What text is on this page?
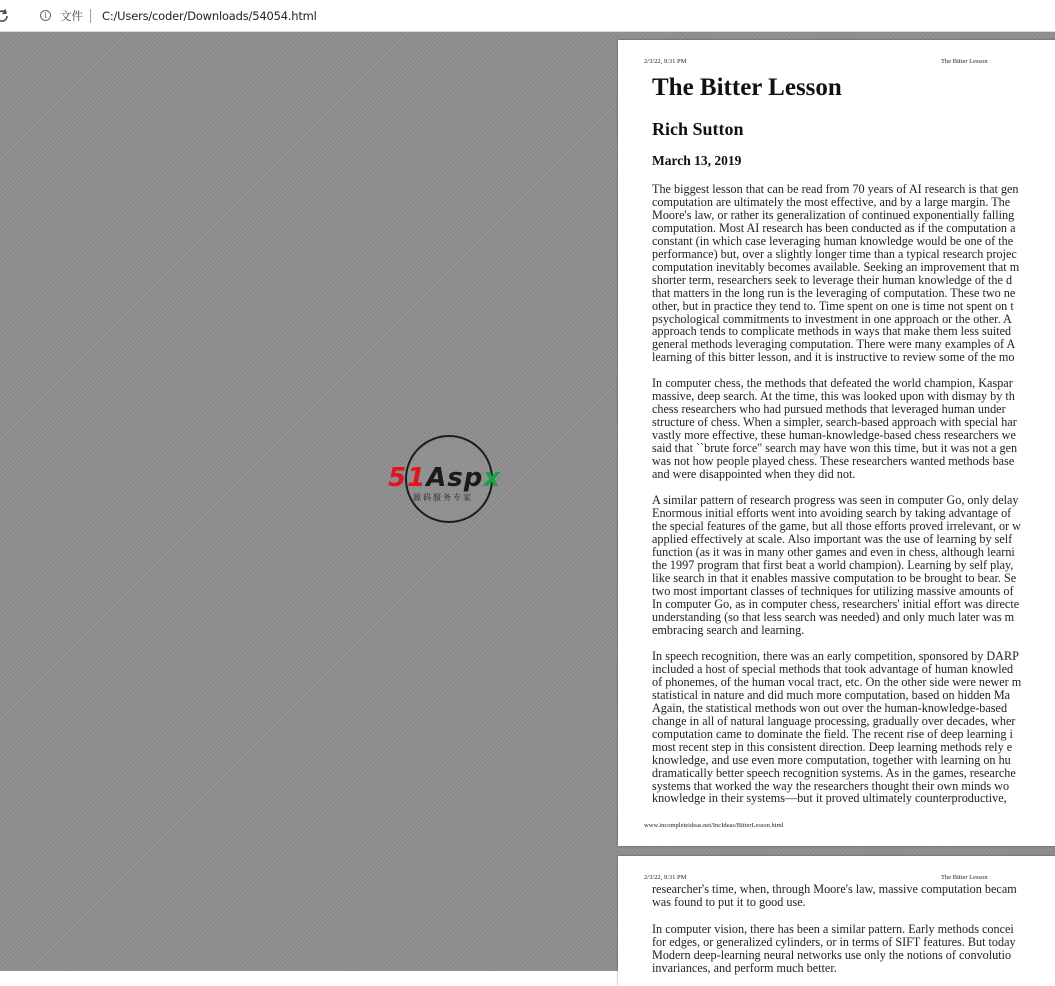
i	文件 C:/Users/coder/Downloads/54054.html
51Aspx
源码服务专家
2/3/22, 9:31 PM	The Bitter Lesson
The Bitter Lesson
Rich Sutton
March 13, 2019
The biggest lesson that can be read from 70 years of AI research is that gen
computation are ultimately the most effective, and by a large margin. The
Moore's law, or rather its generalization of continued exponentially falling
computation. Most AI research has been conducted as if the computation a
constant (in which case leveraging human knowledge would be one of the
performance) but, over a slightly longer time than a typical research projec
computation inevitably becomes available. Seeking an improvement that m
shorter term, researchers seek to leverage their human knowledge of the d
that matters in the long run is the leveraging of computation. These two ne
other, but in practice they tend to. Time spent on one is time not spent on t
psychological commitments to investment in one approach or the other. A
approach tends to complicate methods in ways that make them less suited
general methods leveraging computation. There were many examples of A
learning of this bitter lesson, and it is instructive to review some of the mo
In computer chess, the methods that defeated the world champion, Kaspar
massive, deep search. At the time, this was looked upon with dismay by th
chess researchers who had pursued methods that leveraged human under
structure of chess. When a simpler, search-based approach with special har
vastly more effective, these human-knowledge-based chess researchers we
said that ``brute force" search may have won this time, but it was not a gen
was not how people played chess. These researchers wanted methods base
and were disappointed when they did not.
A similar pattern of research progress was seen in computer Go, only delay
Enormous initial efforts went into avoiding search by taking advantage of
the special features of the game, but all those efforts proved irrelevant, or w
applied effectively at scale. Also important was the use of learning by self
function (as it was in many other games and even in chess, although learni
the 1997 program that first beat a world champion). Learning by self play,
like search in that it enables massive computation to be brought to bear. Se
two most important classes of techniques for utilizing massive amounts of
In computer Go, as in computer chess, researchers' initial effort was directe
understanding (so that less search was needed) and only much later was m
embracing search and learning.
In speech recognition, there was an early competition, sponsored by DARP
included a host of special methods that took advantage of human knowled
of phonemes, of the human vocal tract, etc. On the other side were newer m
statistical in nature and did much more computation, based on hidden Ma
Again, the statistical methods won out over the human-knowledge-based
change in all of natural language processing, gradually over decades, wher
computation came to dominate the field. The recent rise of deep learning i
most recent step in this consistent direction. Deep learning methods rely e
knowledge, and use even more computation, together with learning on hu
dramatically better speech recognition systems. As in the games, researche
systems that worked the way the researchers thought their own minds wo
knowledge in their systems—but it proved ultimately counterproductive,
www.incompleteideas.net/IncIdeas/BitterLesson.html
2/3/22, 9:31 PM	The Bitter Lesson
researcher's time, when, through Moore's law, massive computation becam
was found to put it to good use.
In computer vision, there has been a similar pattern. Early methods concei
for edges, or generalized cylinders, or in terms of SIFT features. But today
Modern deep-learning neural networks use only the notions of convolutio
invariances, and perform much better.
